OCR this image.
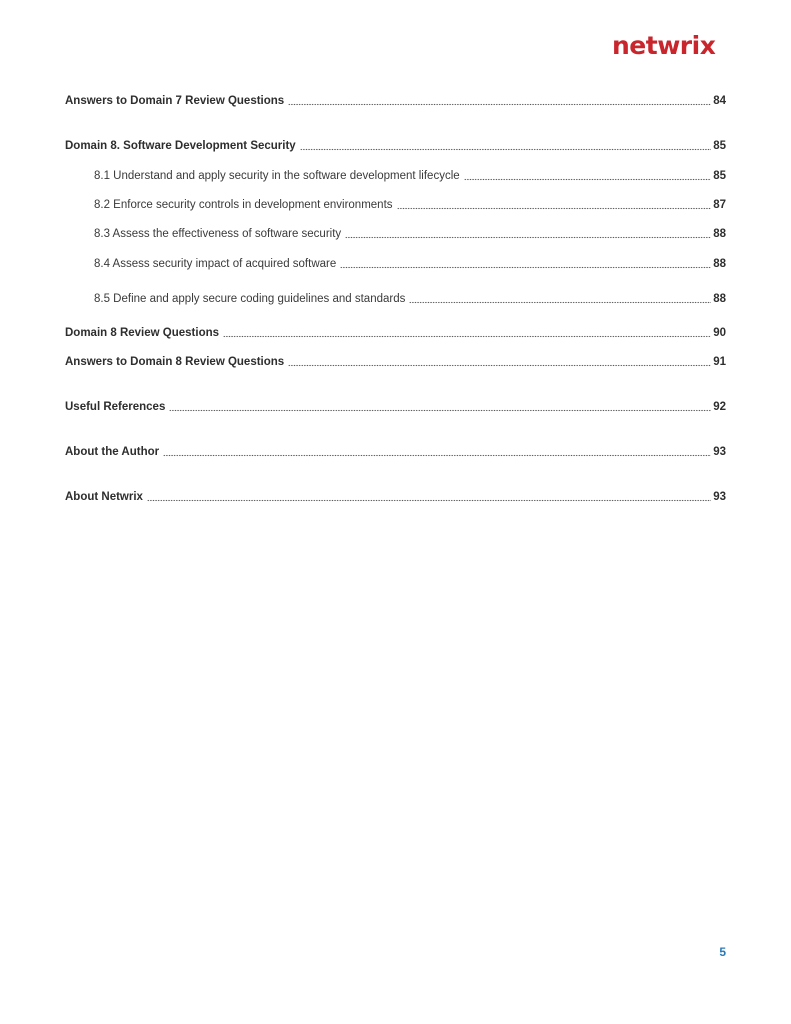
netwrix
Answers to Domain 7 Review Questions	84
Domain 8. Software Development Security	85
8.1 Understand and apply security in the software development lifecycle	85
8.2 Enforce security controls in development environments	87
8.3 Assess the effectiveness of software security	88
8.4 Assess security impact of acquired software	88
8.5 Define and apply secure coding guidelines and standards	88
Domain 8 Review Questions	90
Answers to Domain 8 Review Questions	91
Useful References	92
About the Author	93
About Netwrix	93
5
